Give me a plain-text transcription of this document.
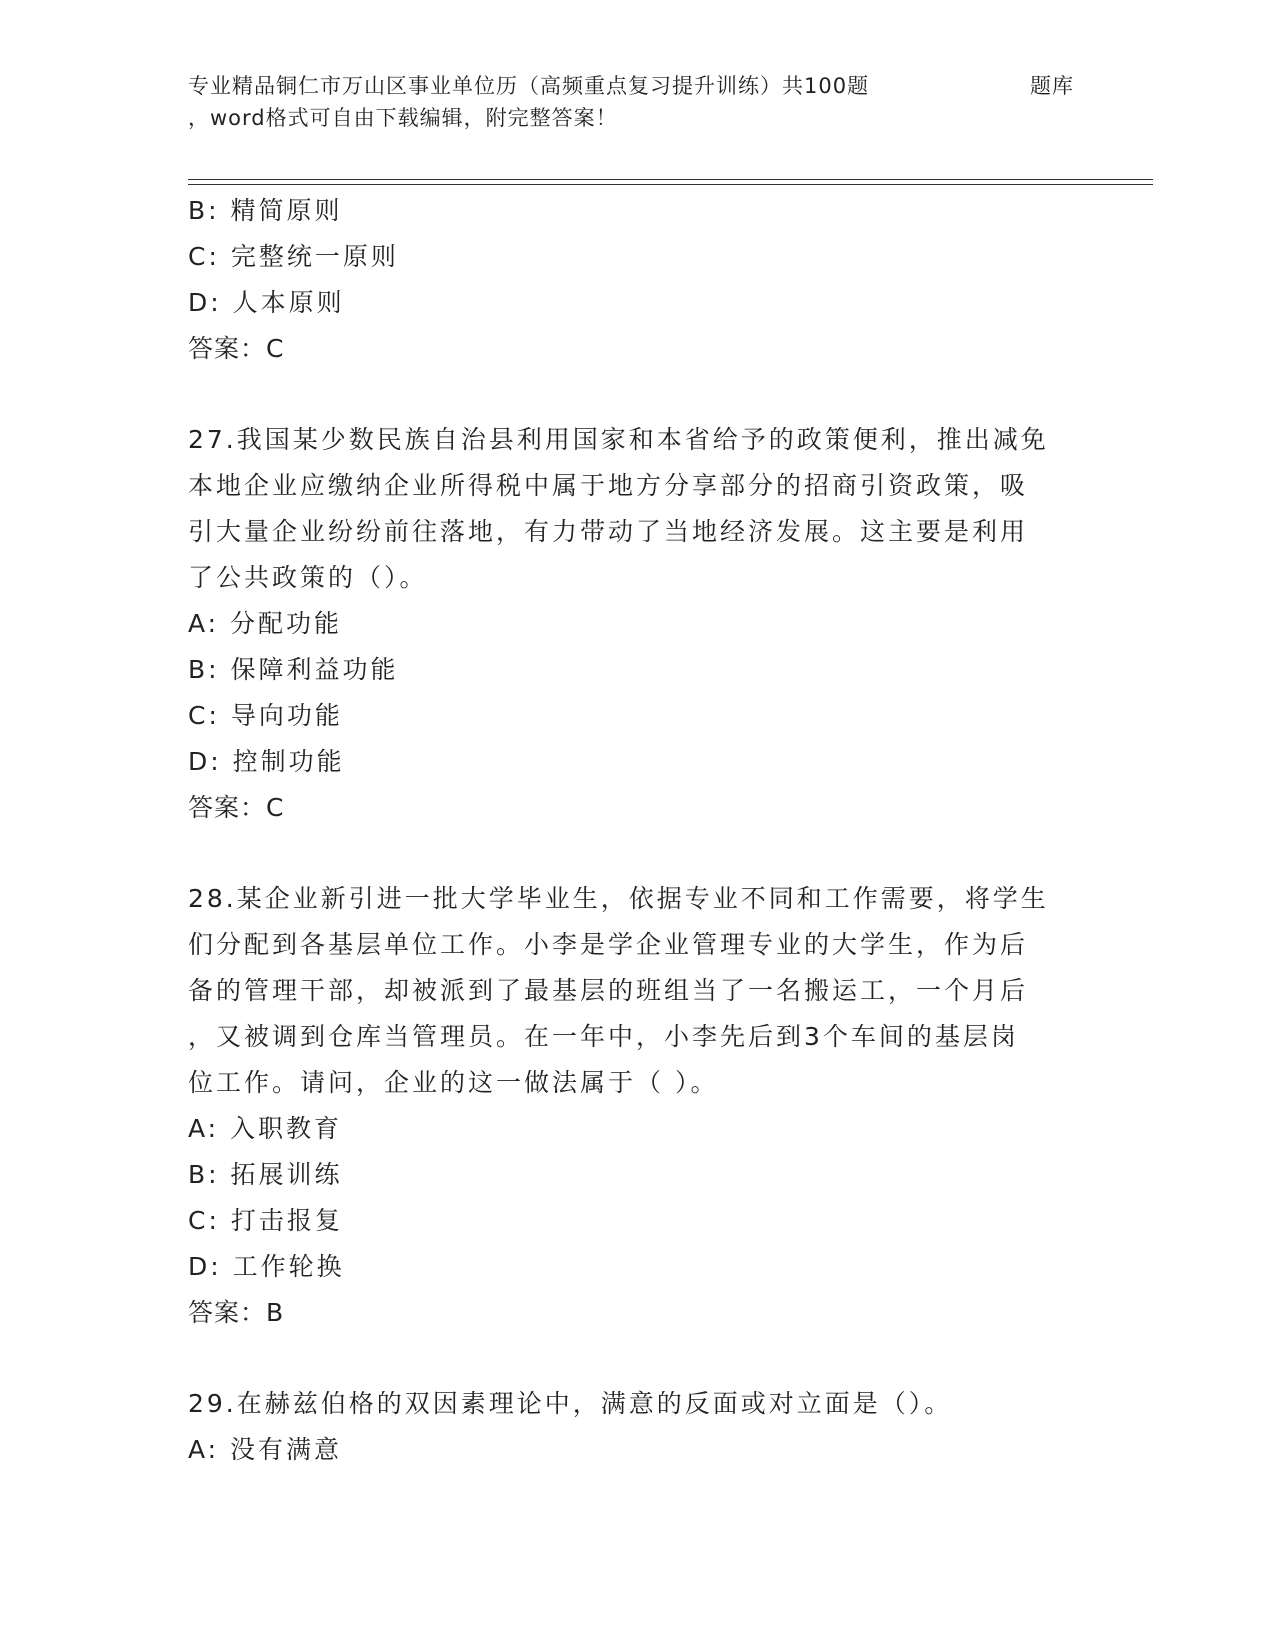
专业精品铜仁市万山区事业单位历（高频重点复习提升训练）共100题	题库
，word格式可自由下载编辑，附完整答案！
B: 精简原则
C: 完整统一原则
D: 人本原则
答案：C
27.我国某少数民族自治县利用国家和本省给予的政策便利，推出减免
本地企业应缴纳企业所得税中属于地方分享部分的招商引资政策，吸
引大量企业纷纷前往落地，有力带动了当地经济发展。这主要是利用
了公共政策的（）。
A: 分配功能
B: 保障利益功能
C: 导向功能
D: 控制功能
答案：C
28.某企业新引进一批大学毕业生，依据专业不同和工作需要，将学生
们分配到各基层单位工作。小李是学企业管理专业的大学生，作为后
备的管理干部，却被派到了最基层的班组当了一名搬运工，一个月后
，又被调到仓库当管理员。在一年中，小李先后到3个车间的基层岗
位工作。请问，企业的这一做法属于（ ）。
A: 入职教育
B: 拓展训练
C: 打击报复
D: 工作轮换
答案：B
29.在赫兹伯格的双因素理论中，满意的反面或对立面是（）。
A: 没有满意
